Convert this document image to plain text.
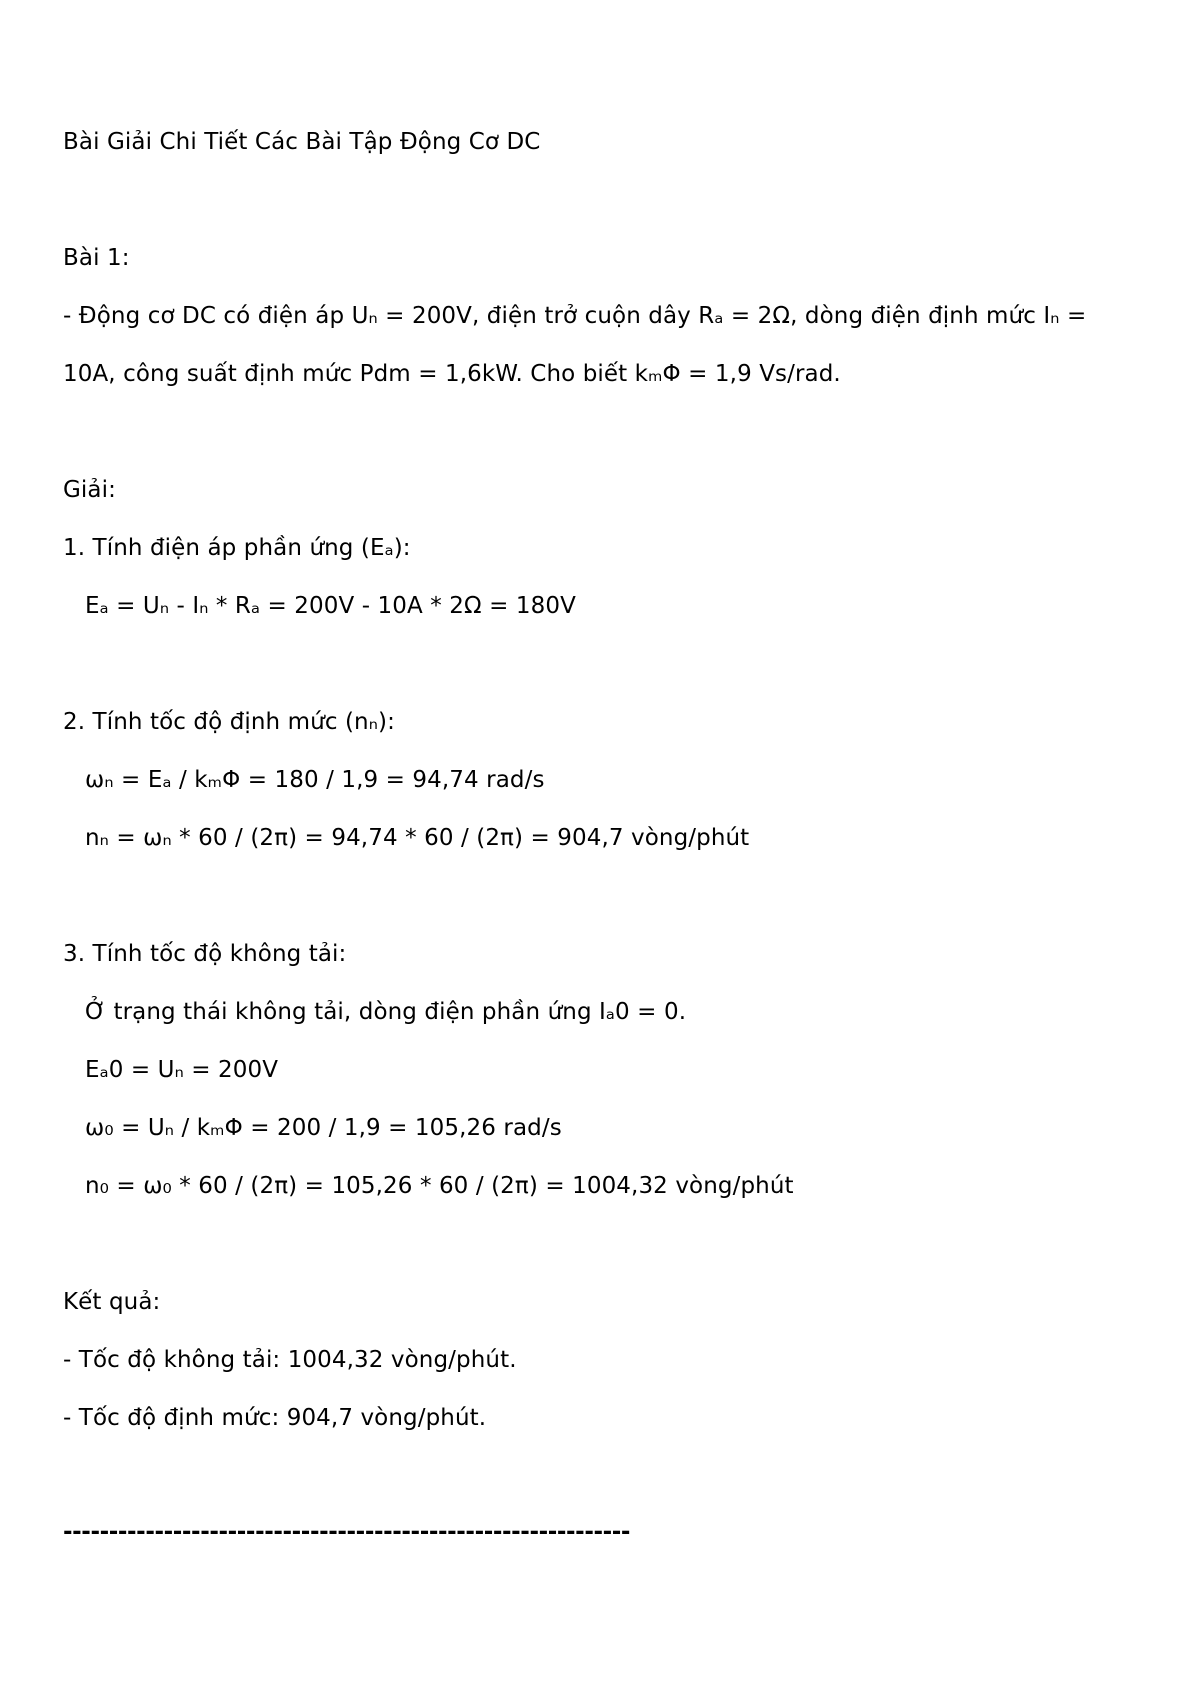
Bài Giải Chi Tiết Các Bài Tập Động Cơ DC
Bài 1:
- Động cơ DC có điện áp Uₙ = 200V, điện trở cuộn dây Rₐ = 2Ω, dòng điện định mức Iₙ =
10A, công suất định mức Pdm = 1,6kW. Cho biết kₘΦ = 1,9 Vs/rad.
Giải:
1. Tính điện áp phần ứng (Eₐ):
Eₐ = Uₙ - Iₙ * Rₐ = 200V - 10A * 2Ω = 180V
2. Tính tốc độ định mức (nₙ):
ωₙ = Eₐ / kₘΦ = 180 / 1,9 = 94,74 rad/s
nₙ = ωₙ * 60 / (2π) = 94,74 * 60 / (2π) = 904,7 vòng/phút
3. Tính tốc độ không tải:
Ở trạng thái không tải, dòng điện phần ứng Iₐ0 = 0.
Eₐ0 = Uₙ = 200V
ω₀ = Uₙ / kₘΦ = 200 / 1,9 = 105,26 rad/s
n₀ = ω₀ * 60 / (2π) = 105,26 * 60 / (2π) = 1004,32 vòng/phút
Kết quả:
- Tốc độ không tải: 1004,32 vòng/phút.
- Tốc độ định mức: 904,7 vòng/phút.
--------------------------------------------------------------
